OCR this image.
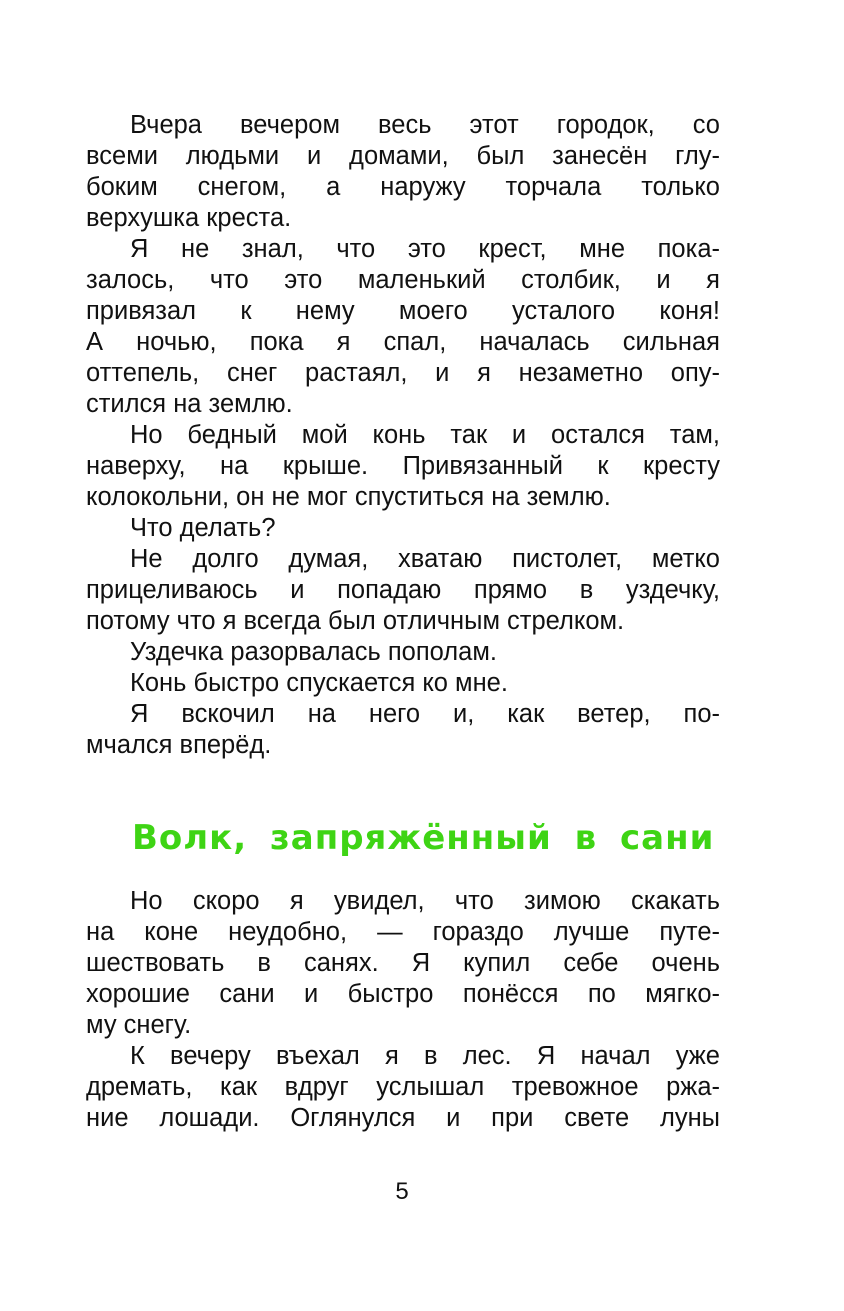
Вчера вечером весь этот городок, со
всеми людьми и домами, был занесён глу-
боким снегом, а наружу торчала только
верхушка креста.
Я не знал, что это крест, мне пока-
залось, что это маленький столбик, и я
привязал к нему моего усталого коня!
А ночью, пока я спал, началась сильная
оттепель, снег растаял, и я незаметно опу-
стился на землю.
Но бедный мой конь так и остался там,
наверху, на крыше. Привязанный к кресту
колокольни, он не мог спуститься на землю.
Что делать?
Не долго думая, хватаю пистолет, метко
прицеливаюсь и попадаю прямо в уздечку,
потому что я всегда был отличным стрелком.
Уздечка разорвалась пополам.
Конь быстро спускается ко мне.
Я вскочил на него и, как ветер, по-
мчался вперёд.
Волк, запряжённый в сани
Но скоро я увидел, что зимою скакать
на коне неудобно, — гораздо лучше путе-
шествовать в санях. Я купил себе очень
хорошие сани и быстро понёсся по мягко-
му снегу.
К вечеру въехал я в лес. Я начал уже
дремать, как вдруг услышал тревожное ржа-
ние лошади. Оглянулся и при свете луны
5
